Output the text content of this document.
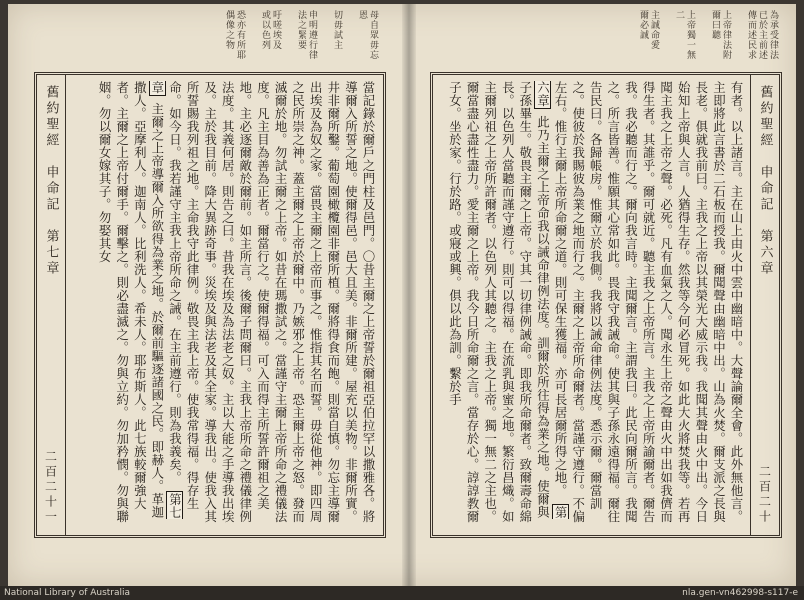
母自眾毋忘
恩
切毋試主
申明遵行律
法之緊要
吁嗟埃及
或以色列
恐亦有所耶
偶像之物
舊約聖經　申命記　第七章
二百二十一	當記錄於爾戶之門柱及邑門。〇昔主爾之上帝誓於爾祖亞伯拉罕以撒雅各。將導爾入所誓之地。使爾得邑。邑大且美。非爾所建。屋充以美物。非爾所實。井非爾所鑿。葡萄園橄欖園非爾所植。爾將得食而飽。則當自慎。勿忘主導爾出埃及為奴之家。當畏主爾之上帝而事之。惟指其名而誓。毋從他神。即四周之民所崇之神。蓋主爾之上帝於爾中。乃嫉邪之上帝。恐主爾上帝之怒。發而滅爾於地。勿試主爾之上帝。如昔在瑪撒試之。當謹守主爾上帝所命之禮儀法度。凡主目為善為正者。爾當行之。使爾得福。可入而得主所誓許爾祖之美地。主必逐爾敵於爾前。如主所言。後爾子問爾曰。主我上帝所命之禮儀律例法度。其義何居。則告之曰。昔我在埃及為法老之奴。主以大能之手導我出埃及。主於我目前。降大異跡奇事。災埃及與法老及其全家。導我出。使我入其所誓賜我列祖之地。主命我守此律例。敬畏主我上帝。使我常得福。得存生命。如今日。我若謹守主我上帝所命之誡。在主前遵行。則為我義矣。 第七章 主爾之上帝導爾入所欲得為業之地。於爾前驅逐諸國之民。即赫人。革迦撒人。亞摩利人。迦南人。比利洗人。希未人。耶布斯人。此七族較爾強大者。主爾之上帝付爾手。爾擊之。則必盡滅之。勿與立約。勿加矜憫。勿與聯姻。勿以爾女嫁其子。勿娶其女
為承受律法
已於主前述
傳而述民求
上帝律法附
爾曰聽
上帝獨一無
二
主誠命愛
爾必誠
舊約聖經　申命記　第六章
二百二十
有者。以上諸言。主在山上由火中雲中幽暗中。大聲論爾全會。此外無他言。主即將此言書於二石板而授我。爾聞聲由幽暗中出。山為火焚。爾支派之長與長老。俱就我前曰。主我之上帝以其榮光大威示我。我聞其聲由火中出。今日始知上帝與人言。人猶得生存。然我等今何必冒死。如此大火將焚我等。若再聞主我之上帝之聲。必死。凡有血氣之人。聞永生上帝之聲由火中出如我儕而得生者。其誰乎。爾可就近。聽主我之上帝所言。主我之上帝所諭爾者。爾告我。我必聽而行之。爾向我言時。主聞爾言。主謂我曰。此民向爾所言。我聞之。所言皆善。惟願其心常如此。畏我守我誡命。使其與子孫永遠得福。爾往告民曰。各歸帳房。惟爾立於我側。我將以誡命律例法度。悉示爾。爾當訓之。使彼於我賜彼為業之地而行之。主爾之上帝所命爾者。當謹守遵行。不偏左右。惟行主爾上帝所命爾之道。則可保生獲福。亦可長居爾所得之地。 第六章 此乃主爾之上帝命我以誡命律例法度。訓爾於所往得為業之地。使爾與子孫畢生。敬畏主爾之上帝。守其一切律例誡命。即我所命爾者。致爾壽命綿長。以色列人當聽而謹守遵行。則可以得福。在流乳與蜜之地。繁衍昌熾。如主爾列祖之上帝所許爾者。以色列人其聽之。主我之上帝。獨一無二之主也。爾當盡心盡性盡力。愛主爾之上帝。我今日所命爾之言。當存於心。諄諄教爾子女。坐於家。行於路。或寢或興。俱以此為訓。繫於手
National Library of Australia	nla.gen-vn462998-s117-e
